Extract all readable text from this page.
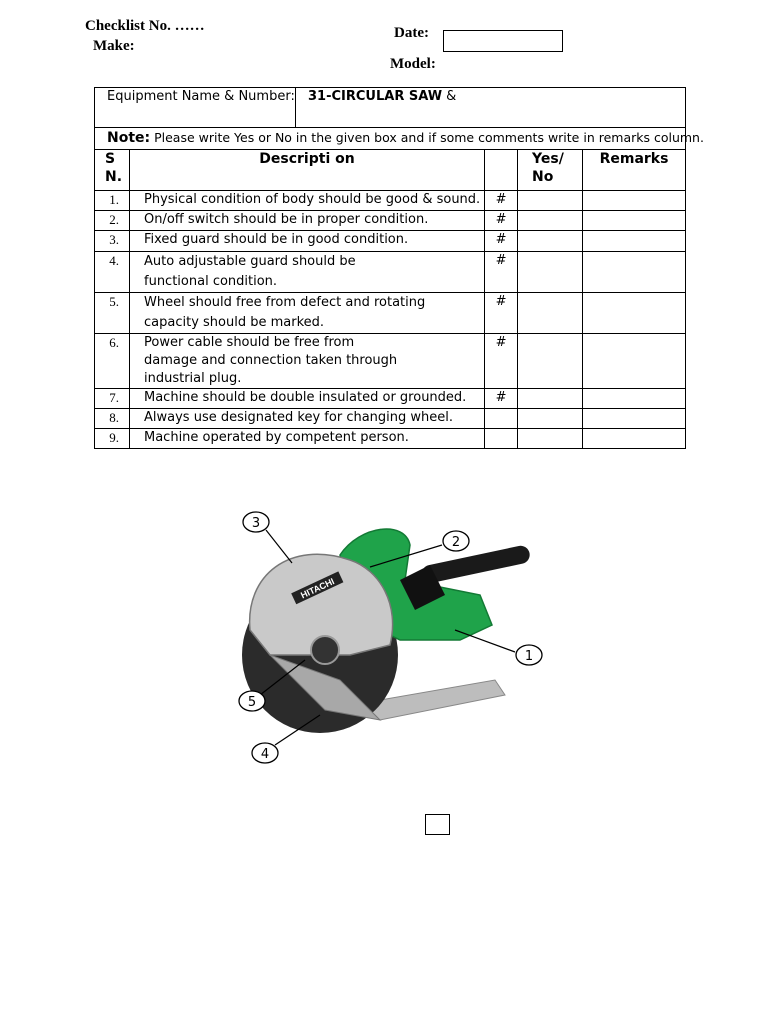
Checklist No. ……
Make:
Date:
Model:
Equipment Name & Number:		31-CIRCULAR SAW &			
Note: Please write Yes or No in the given box and if some comments write in remarks column.					
S N.	Descripti on			Yes/ No	Remarks
1.	Physical condition of body should be good & sound.		#		
2.	On/off switch should be in proper condition.		#		
3.	Fixed guard should be in good condition.		#		
4.	Auto adjustable guard should be functional condition.		#		
5.	Wheel should free from defect and rotating capacity should be marked.		#		
6.	Power cable should be free from damage and connection taken through industrial plug.		#		
7.	Machine should be double insulated or grounded.		#		
8.	Always use designated key for changing wheel.				
9.	Machine operated by competent person.				
HITACHI
3
2
1
5
4
